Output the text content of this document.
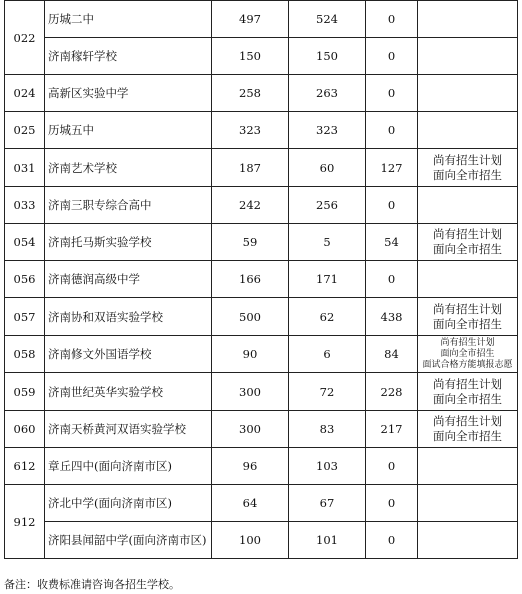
022	历城二中	497	524	0	
	济南稼轩学校	150	150	0	
024	高新区实验中学	258	263	0	
025	历城五中	323	323	0	
031	济南艺术学校	187	60	127	尚有招生计划
面向全市招生

033	济南三职专综合高中	242	256	0	
054	济南托马斯实验学校	59	5	54	尚有招生计划
面向全市招生

056	济南德润高级中学	166	171	0	
057	济南协和双语实验学校	500	62	438	尚有招生计划
面向全市招生

058	济南修文外国语学校	90	6	84	尚有招生计划
面向全市招生
面试合格方能填报志愿

059	济南世纪英华实验学校	300	72	228	尚有招生计划
面向全市招生

060	济南天桥黄河双语实验学校	300	83	217	尚有招生计划
面向全市招生

612	章丘四中(面向济南市区)	96	103	0	
912	济北中学(面向济南市区)	64	67	0	
	济阳县闻韶中学(面向济南市区)	100	101	0	
备注：收费标准请咨询各招生学校。
